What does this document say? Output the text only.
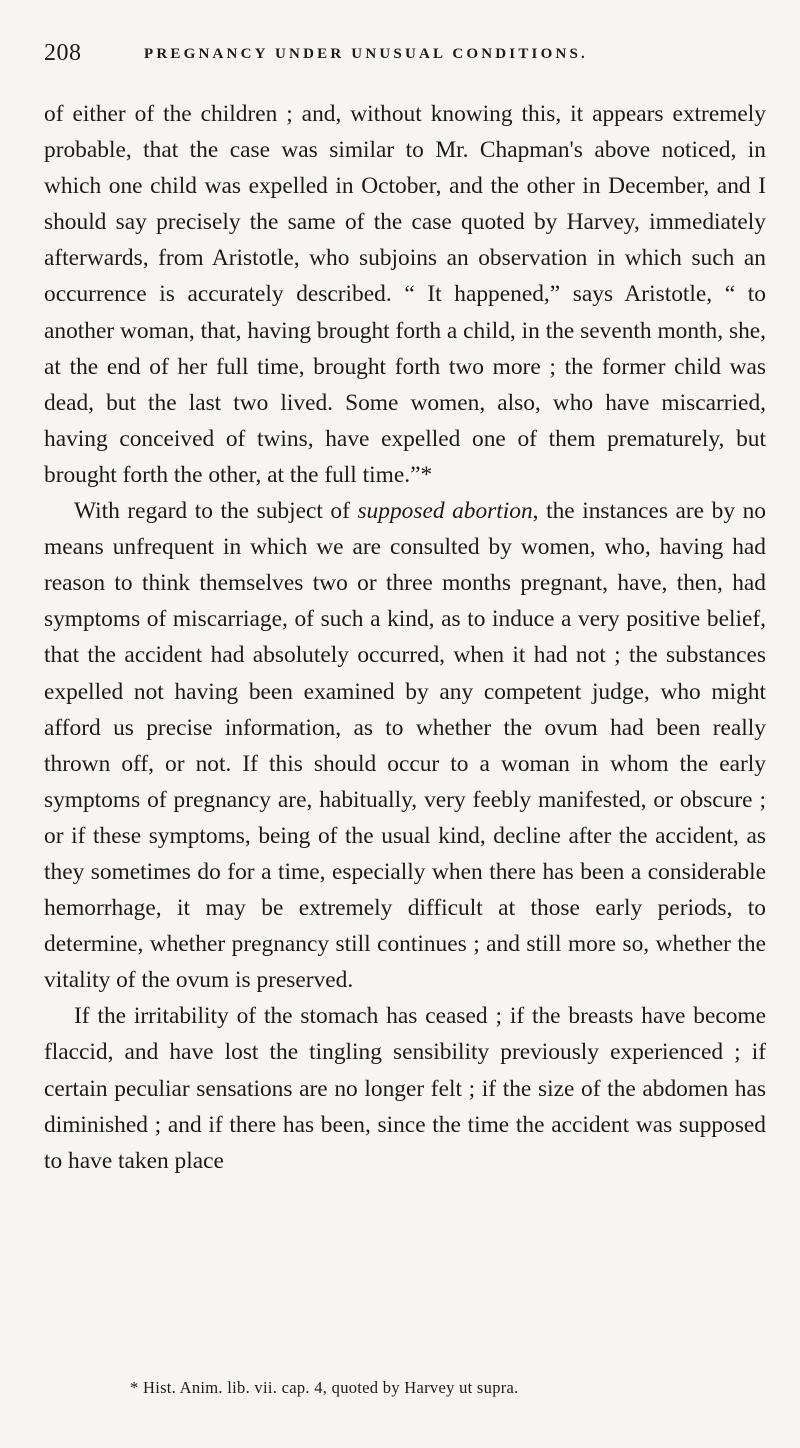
208	PREGNANCY UNDER UNUSUAL CONDITIONS.

of either of the children ; and, without knowing this, it appears extremely probable, that the case was similar to Mr. Chapman's above noticed, in which one child was expelled in October, and the other in December, and I should say precisely the same of the case quoted by Harvey, immediately afterwards, from Aristotle, who subjoins an observation in which such an occurrence is accurately described. “ It happened,” says Aristotle, “ to another woman, that, having brought forth a child, in the seventh month, she, at the end of her full time, brought forth two more ; the former child was dead, but the last two lived. Some women, also, who have miscarried, having conceived of twins, have expelled one of them prematurely, but brought forth the other, at the full time.”*

With regard to the subject of supposed abortion, the instances are by no means unfrequent in which we are consulted by women, who, having had reason to think themselves two or three months pregnant, have, then, had symptoms of miscarriage, of such a kind, as to induce a very positive belief, that the accident had absolutely occurred, when it had not ; the substances expelled not having been examined by any competent judge, who might afford us precise information, as to whether the ovum had been really thrown off, or not. If this should occur to a woman in whom the early symptoms of pregnancy are, habitually, very feebly manifested, or obscure ; or if these symptoms, being of the usual kind, decline after the accident, as they sometimes do for a time, especially when there has been a considerable hemorrhage, it may be extremely difficult at those early periods, to determine, whether pregnancy still continues ; and still more so, whether the vitality of the ovum is preserved.

If the irritability of the stomach has ceased ; if the breasts have become flaccid, and have lost the tingling sensibility previously experienced ; if certain peculiar sensations are no longer felt ; if the size of the abdomen has diminished ; and if there has been, since the time the accident was supposed to have taken place

* Hist. Anim. lib. vii. cap. 4, quoted by Harvey ut supra.
